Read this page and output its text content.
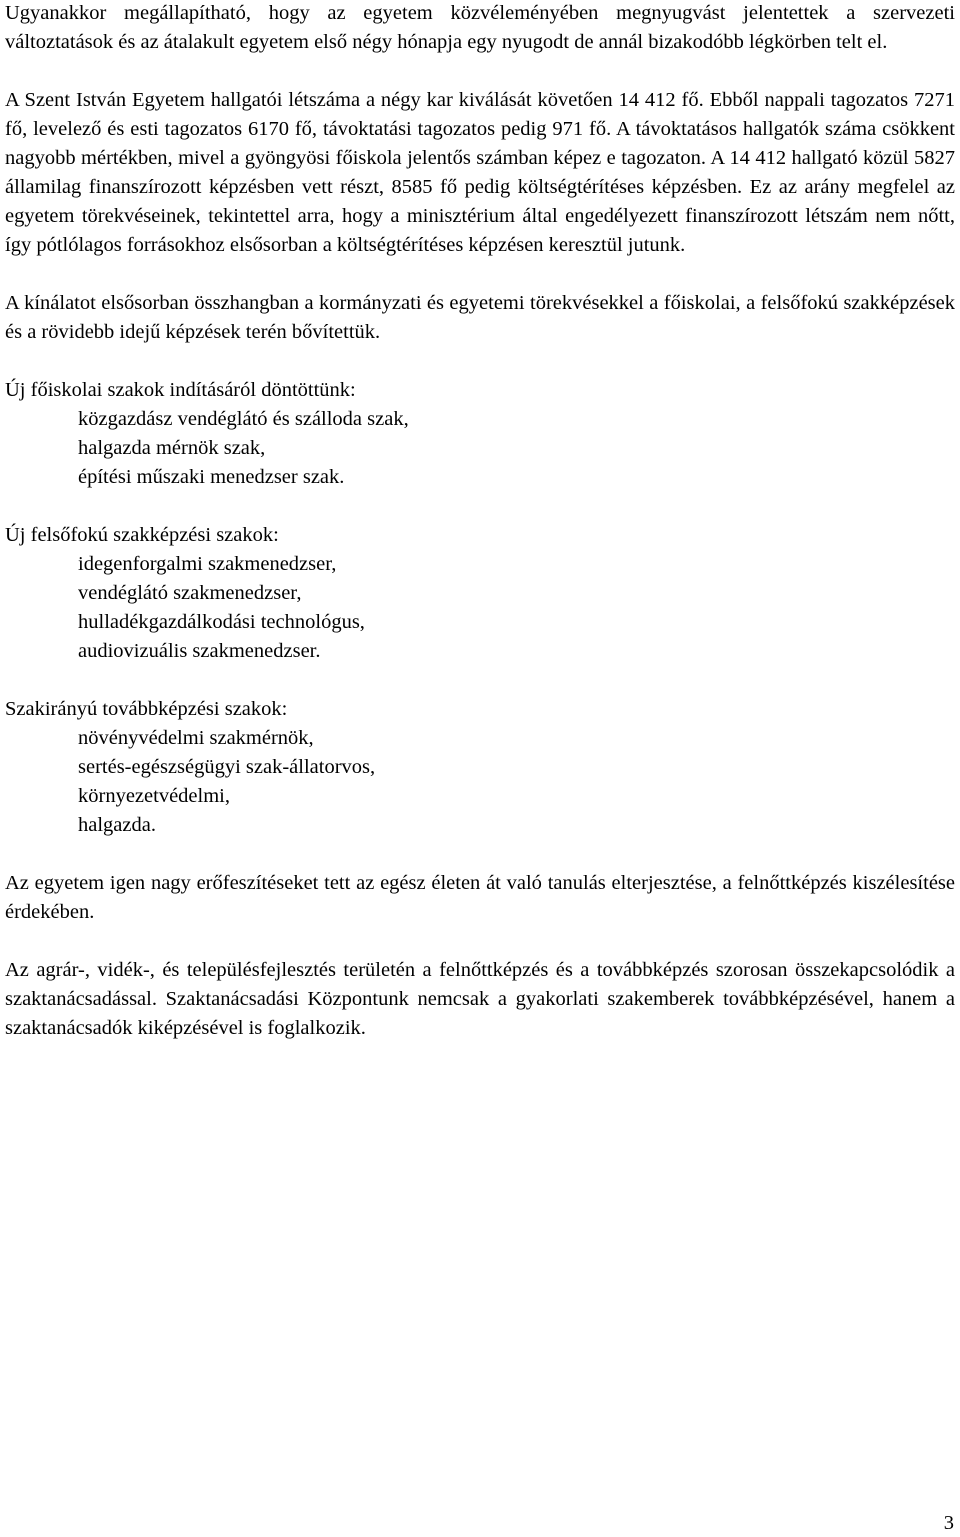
Ugyanakkor megállapítható, hogy az egyetem közvéleményében megnyugvást jelentettek a szervezeti változtatások és az átalakult egyetem első négy hónapja egy nyugodt de annál bizakodóbb légkörben telt el.

A Szent István Egyetem hallgatói létszáma a négy kar kiválását követően 14 412 fő. Ebből nappali tagozatos 7271 fő, levelező és esti tagozatos 6170 fő, távoktatási tagozatos pedig 971 fő. A távoktatásos hallgatók száma csökkent nagyobb mértékben, mivel a gyöngyösi főiskola jelentős számban képez e tagozaton. A 14 412 hallgató közül 5827 államilag finanszírozott képzésben vett részt, 8585 fő pedig költségtérítéses képzésben. Ez az arány megfelel az egyetem törekvéseinek, tekintettel arra, hogy a minisztérium által engedélyezett finanszírozott létszám nem nőtt, így pótlólagos forrásokhoz elsősorban a költségtérítéses képzésen keresztül jutunk.

A kínálatot elsősorban összhangban a kormányzati és egyetemi törekvésekkel a főiskolai, a felsőfokú szakképzések és a rövidebb idejű képzések terén bővítettük.

Új főiskolai szakok indításáról döntöttünk:

közgazdász vendéglátó és szálloda szak,
halgazda mérnök szak,
építési műszaki menedzser szak.

Új felsőfokú szakképzési szakok:

idegenforgalmi szakmenedzser,
vendéglátó szakmenedzser,
hulladékgazdálkodási technológus,
audiovizuális szakmenedzser.

Szakirányú továbbképzési szakok:

növényvédelmi szakmérnök,
sertés-egészségügyi szak-állatorvos,
környezetvédelmi,
halgazda.

Az egyetem igen nagy erőfeszítéseket tett az egész életen át való tanulás elterjesztése, a felnőttképzés kiszélesítése érdekében.

Az agrár-, vidék-, és településfejlesztés területén a felnőttképzés és a továbbképzés szorosan összekapcsolódik a szaktanácsadással. Szaktanácsadási Központunk nemcsak a gyakorlati szakemberek továbbképzésével, hanem a szaktanácsadók kiképzésével is foglalkozik.

3
